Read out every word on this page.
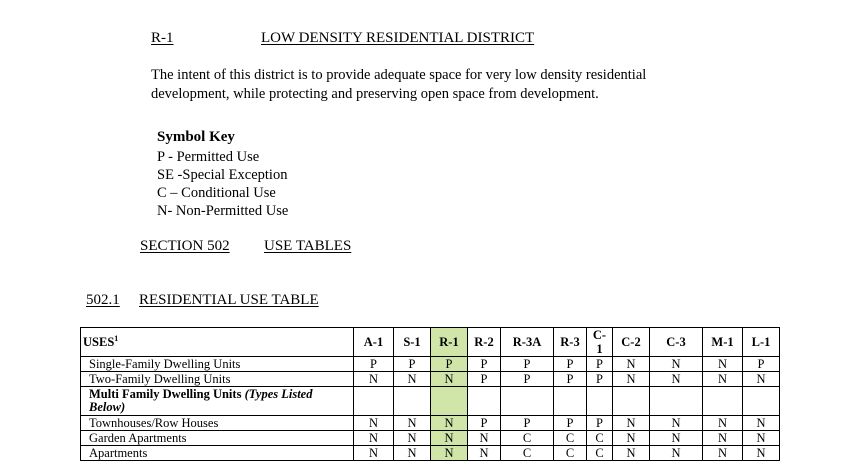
R-1	LOW DENSITY RESIDENTIAL DISTRICT
The intent of this district is to provide adequate space for very low density residential
development, while protecting and preserving open space from development.
Symbol Key
P - Permitted Use
SE -Special Exception
C – Conditional Use
N- Non-Permitted Use
SECTION 502 USE TABLES
502.1 RESIDENTIAL USE TABLE
USES$^1$	A-1	S-1	R-1	R-2	R-3A	R-3	C-1	C-2	C-3	M-1	L-1
Single-Family Dwelling Units	P	P	P	P	P	P	P	N	N	N	P
Two-Family Dwelling Units	N	N	N	P	P	P	P	N	N	N	N
Multi Family Dwelling Units (Types Listed Below)											
Townhouses/Row Houses	N	N	N	P	P	P	P	N	N	N	N
Garden Apartments	N	N	N	N	C	C	C	N	N	N	N
Apartments	N	N	N	N	C	C	C	N	N	N	N
